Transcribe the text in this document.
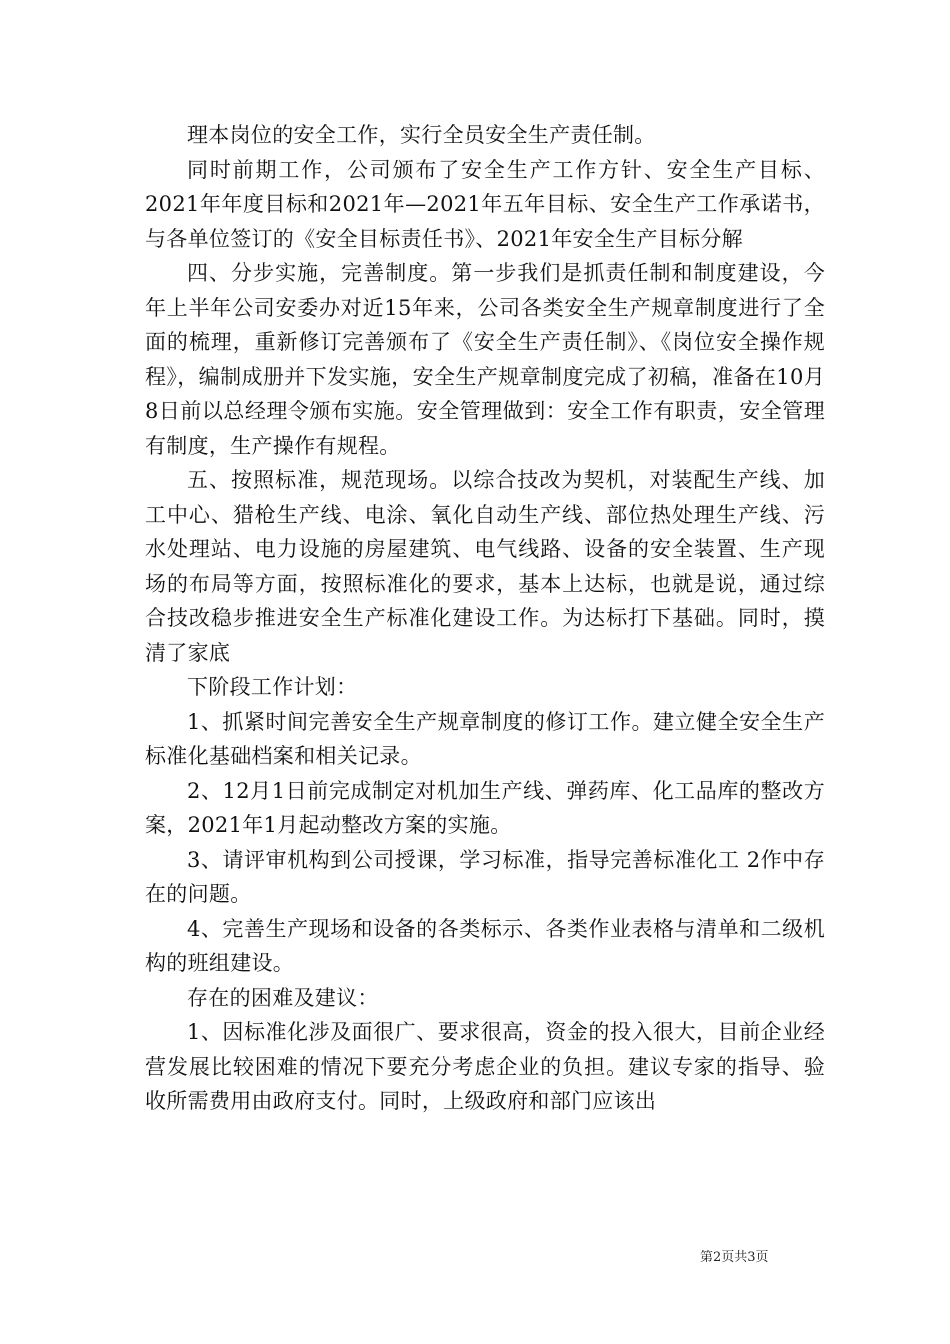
理本岗位的安全工作，实行全员安全生产责任制。

同时前期工作，公司颁布了安全生产工作方针、安全生产目标、2021年年度目标和2021年—2021年五年目标、安全生产工作承诺书，与各单位签订的《安全目标责任书》、2021年安全生产目标分解

四、分步实施，完善制度。第一步我们是抓责任制和制度建设，今年上半年公司安委办对近15年来，公司各类安全生产规章制度进行了全面的梳理，重新修订完善颁布了《安全生产责任制》、《岗位安全操作规程》，编制成册并下发实施，安全生产规章制度完成了初稿，准备在10月8日前以总经理令颁布实施。安全管理做到：安全工作有职责，安全管理有制度，生产操作有规程。

五、按照标准，规范现场。以综合技改为契机，对装配生产线、加工中心、猎枪生产线、电涂、氧化自动生产线、部位热处理生产线、污水处理站、电力设施的房屋建筑、电气线路、设备的安全装置、生产现场的布局等方面，按照标准化的要求，基本上达标，也就是说，通过综合技改稳步推进安全生产标准化建设工作。为达标打下基础。同时，摸清了家底

下阶段工作计划：

1、抓紧时间完善安全生产规章制度的修订工作。建立健全安全生产标准化基础档案和相关记录。

2、12月1日前完成制定对机加生产线、弹药库、化工品库的整改方案，2021年1月起动整改方案的实施。

3、请评审机构到公司授课，学习标准，指导完善标准化工 2作中存在的问题。

4、完善生产现场和设备的各类标示、各类作业表格与清单和二级机构的班组建设。

存在的困难及建议：

1、因标准化涉及面很广、要求很高，资金的投入很大，目前企业经营发展比较困难的情况下要充分考虑企业的负担。建议专家的指导、验收所需费用由政府支付。同时，上级政府和部门应该出

第2页共3页
